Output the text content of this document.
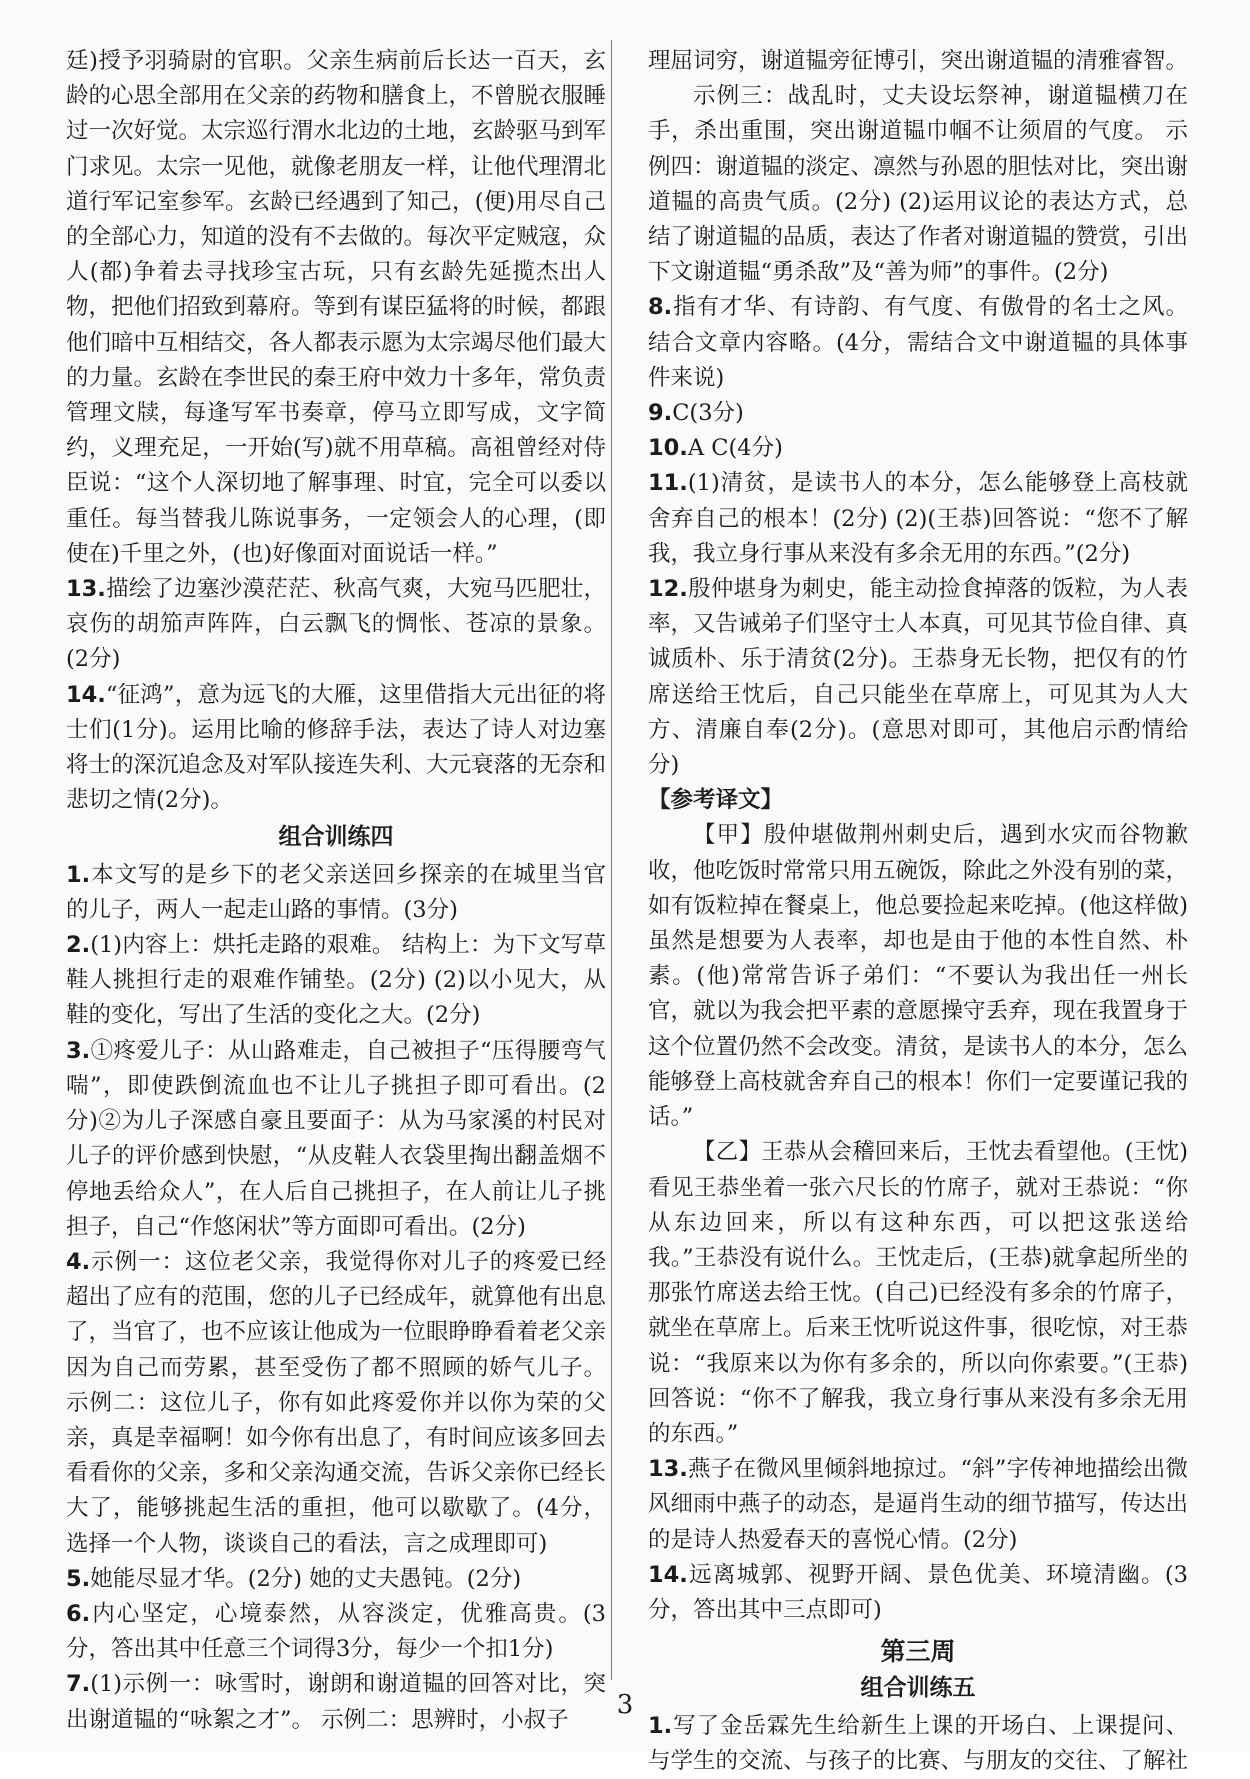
廷)授予羽骑尉的官职。父亲生病前后长达一百天，玄龄的心思全部用在父亲的药物和膳食上，不曾脱衣服睡过一次好觉。太宗巡行渭水北边的土地，玄龄驱马到军门求见。太宗一见他，就像老朋友一样，让他代理渭北道行军记室参军。玄龄已经遇到了知己，(便)用尽自己的全部心力，知道的没有不去做的。每次平定贼寇，众人(都)争着去寻找珍宝古玩，只有玄龄先延揽杰出人物，把他们招致到幕府。等到有谋臣猛将的时候，都跟他们暗中互相结交，各人都表示愿为太宗竭尽他们最大的力量。玄龄在李世民的秦王府中效力十多年，常负责管理文牍，每逢写军书奏章，停马立即写成，文字简约，义理充足，一开始(写)就不用草稿。高祖曾经对侍臣说：“这个人深切地了解事理、时宜，完全可以委以重任。每当替我儿陈说事务，一定领会人的心理，(即使在)千里之外，(也)好像面对面说话一样。”

13.描绘了边塞沙漠茫茫、秋高气爽，大宛马匹肥壮，哀伤的胡笳声阵阵，白云飘飞的惆怅、苍凉的景象。(2分)

14.“征鸿”，意为远飞的大雁，这里借指大元出征的将士们(1分)。运用比喻的修辞手法，表达了诗人对边塞将士的深沉追念及对军队接连失利、大元衰落的无奈和悲切之情(2分)。

组合训练四

1.本文写的是乡下的老父亲送回乡探亲的在城里当官的儿子，两人一起走山路的事情。(3分)

2.(1)内容上：烘托走路的艰难。 结构上：为下文写草鞋人挑担行走的艰难作铺垫。(2分) (2)以小见大，从鞋的变化，写出了生活的变化之大。(2分)

3.①疼爱儿子：从山路难走，自己被担子“压得腰弯气喘”，即使跌倒流血也不让儿子挑担子即可看出。(2分)②为儿子深感自豪且要面子：从为马家溪的村民对儿子的评价感到快慰，“从皮鞋人衣袋里掏出翻盖烟不停地丢给众人”，在人后自己挑担子，在人前让儿子挑担子，自己“作悠闲状”等方面即可看出。(2分)

4.示例一：这位老父亲，我觉得你对儿子的疼爱已经超出了应有的范围，您的儿子已经成年，就算他有出息了，当官了，也不应该让他成为一位眼睁睁看着老父亲因为自己而劳累，甚至受伤了都不照顾的娇气儿子。 示例二：这位儿子，你有如此疼爱你并以你为荣的父亲，真是幸福啊！如今你有出息了，有时间应该多回去看看你的父亲，多和父亲沟通交流，告诉父亲你已经长大了，能够挑起生活的重担，他可以歇歇了。(4分，选择一个人物，谈谈自己的看法，言之成理即可)

5.她能尽显才华。(2分) 她的丈夫愚钝。(2分)

6.内心坚定，心境泰然，从容淡定，优雅高贵。(3分，答出其中任意三个词得3分，每少一个扣1分)

7.(1)示例一：咏雪时，谢朗和谢道韫的回答对比，突出谢道韫的“咏絮之才”。 示例二：思辨时，小叔子

理屈词穷，谢道韫旁征博引，突出谢道韫的清雅睿智。

示例三：战乱时，丈夫设坛祭神，谢道韫横刀在手，杀出重围，突出谢道韫巾帼不让须眉的气度。 示例四：谢道韫的淡定、凛然与孙恩的胆怯对比，突出谢道韫的高贵气质。(2分) (2)运用议论的表达方式，总结了谢道韫的品质，表达了作者对谢道韫的赞赏，引出下文谢道韫“勇杀敌”及“善为师”的事件。(2分)

8.指有才华、有诗韵、有气度、有傲骨的名士之风。结合文章内容略。(4分，需结合文中谢道韫的具体事件来说)

9.C(3分)

10.A C(4分)

11.(1)清贫，是读书人的本分，怎么能够登上高枝就舍弃自己的根本！(2分) (2)(王恭)回答说：“您不了解我，我立身行事从来没有多余无用的东西。”(2分)

12.殷仲堪身为刺史，能主动捡食掉落的饭粒，为人表率，又告诫弟子们坚守士人本真，可见其节俭自律、真诚质朴、乐于清贫(2分)。王恭身无长物，把仅有的竹席送给王忱后，自己只能坐在草席上，可见其为人大方、清廉自奉(2分)。(意思对即可，其他启示酌情给分)

【参考译文】

【甲】殷仲堪做荆州刺史后，遇到水灾而谷物歉收，他吃饭时常常只用五碗饭，除此之外没有别的菜，如有饭粒掉在餐桌上，他总要捡起来吃掉。(他这样做)虽然是想要为人表率，却也是由于他的本性自然、朴素。(他)常常告诉子弟们：“不要认为我出任一州长官，就以为我会把平素的意愿操守丢弃，现在我置身于这个位置仍然不会改变。清贫，是读书人的本分，怎么能够登上高枝就舍弃自己的根本！你们一定要谨记我的话。”

【乙】王恭从会稽回来后，王忱去看望他。(王忱)看见王恭坐着一张六尺长的竹席子，就对王恭说：“你从东边回来，所以有这种东西，可以把这张送给我。”王恭没有说什么。王忱走后，(王恭)就拿起所坐的那张竹席送去给王忱。(自己)已经没有多余的竹席子，就坐在草席上。后来王忱听说这件事，很吃惊，对王恭说：“我原来以为你有多余的，所以向你索要。”(王恭)回答说：“你不了解我，我立身行事从来没有多余无用的东西。”

13.燕子在微风里倾斜地掠过。“斜”字传神地描绘出微风细雨中燕子的动态，是逼肖生动的细节描写，传达出的是诗人热爱春天的喜悦心情。(2分)

14.远离城郭、视野开阔、景色优美、环境清幽。(3分，答出其中三点即可)

第三周
组合训练五

1.写了金岳霖先生给新生上课的开场白、上课提问、与学生的交流、与孩子的比赛、与朋友的交往、了解社

3
